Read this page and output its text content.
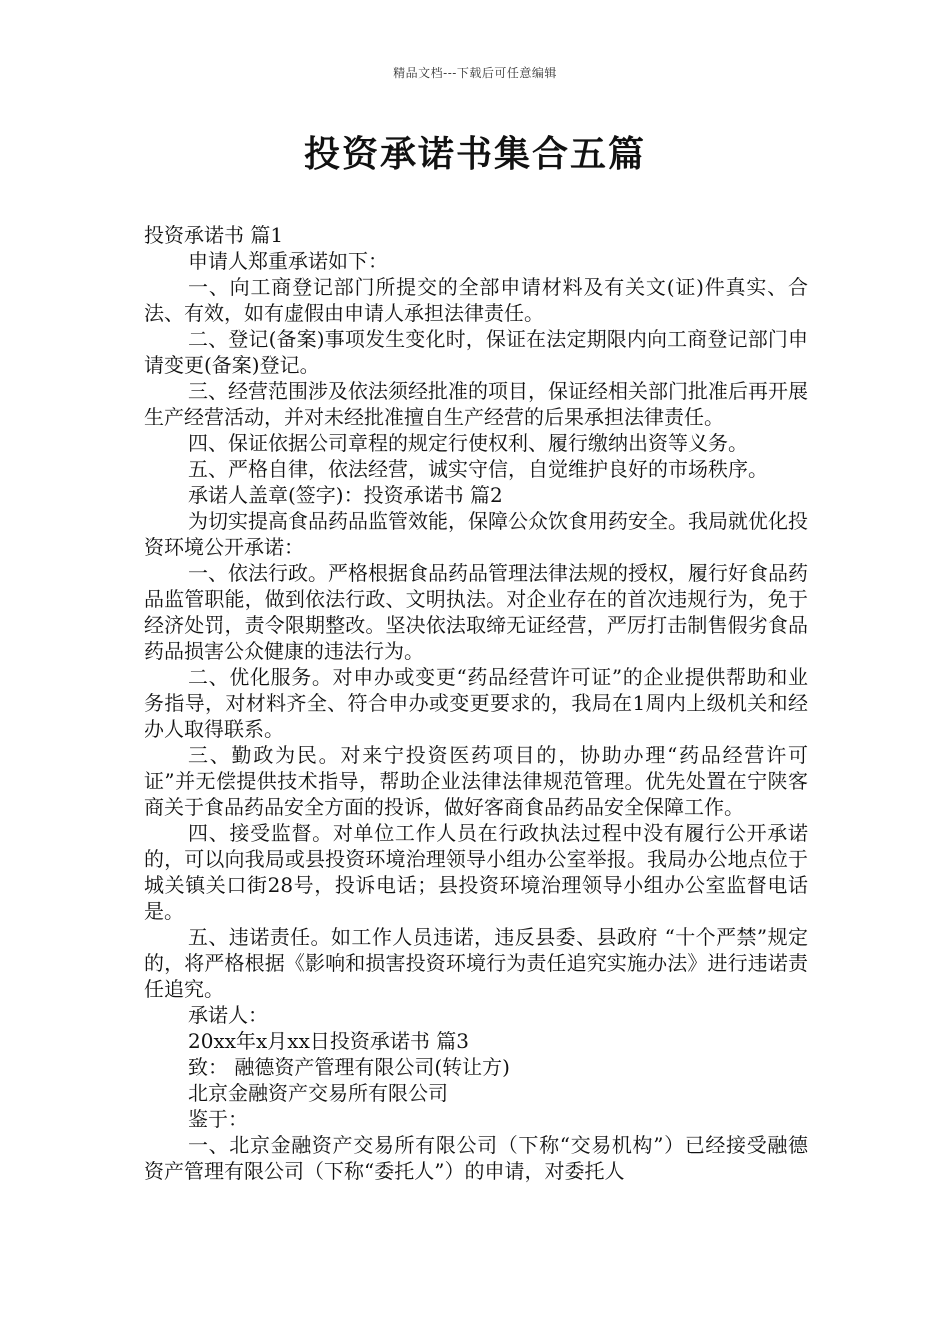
精品文档---下载后可任意编辑
投资承诺书集合五篇

投资承诺书 篇1

申请人郑重承诺如下：

一、向工商登记部门所提交的全部申请材料及有关文(证)件真实、合法、有效，如有虚假由申请人承担法律责任。

二、登记(备案)事项发生变化时，保证在法定期限内向工商登记部门申请变更(备案)登记。

三、经营范围涉及依法须经批准的项目，保证经相关部门批准后再开展生产经营活动，并对未经批准擅自生产经营的后果承担法律责任。

四、保证依据公司章程的规定行使权利、履行缴纳出资等义务。

五、严格自律，依法经营，诚实守信，自觉维护良好的市场秩序。

承诺人盖章(签字)：投资承诺书 篇2

为切实提高食品药品监管效能，保障公众饮食用药安全。我局就优化投资环境公开承诺：

一、依法行政。严格根据食品药品管理法律法规的授权，履行好食品药品监管职能，做到依法行政、文明执法。对企业存在的首次违规行为，免于经济处罚，责令限期整改。坚决依法取缔无证经营，严厉打击制售假劣食品药品损害公众健康的违法行为。

二、优化服务。对申办或变更“药品经营许可证”的企业提供帮助和业务指导，对材料齐全、符合申办或变更要求的，我局在1周内上级机关和经办人取得联系。

三、勤政为民。对来宁投资医药项目的，协助办理“药品经营许可证”并无偿提供技术指导，帮助企业法律法律规范管理。优先处置在宁陕客商关于食品药品安全方面的投诉，做好客商食品药品安全保障工作。

四、接受监督。对单位工作人员在行政执法过程中没有履行公开承诺的，可以向我局或县投资环境治理领导小组办公室举报。我局办公地点位于城关镇关口街28号，投诉电话；县投资环境治理领导小组办公室监督电话是。

五、违诺责任。如工作人员违诺，违反县委、县政府 “十个严禁”规定的，将严格根据《影响和损害投资环境行为责任追究实施办法》进行违诺责任追究。

承诺人：

20xx年x月xx日投资承诺书 篇3

致： 融德资产管理有限公司(转让方)

北京金融资产交易所有限公司

鉴于：

一、北京金融资产交易所有限公司（下称“交易机构”）已经接受融德资产管理有限公司（下称“委托人”）的申请，对委托人
